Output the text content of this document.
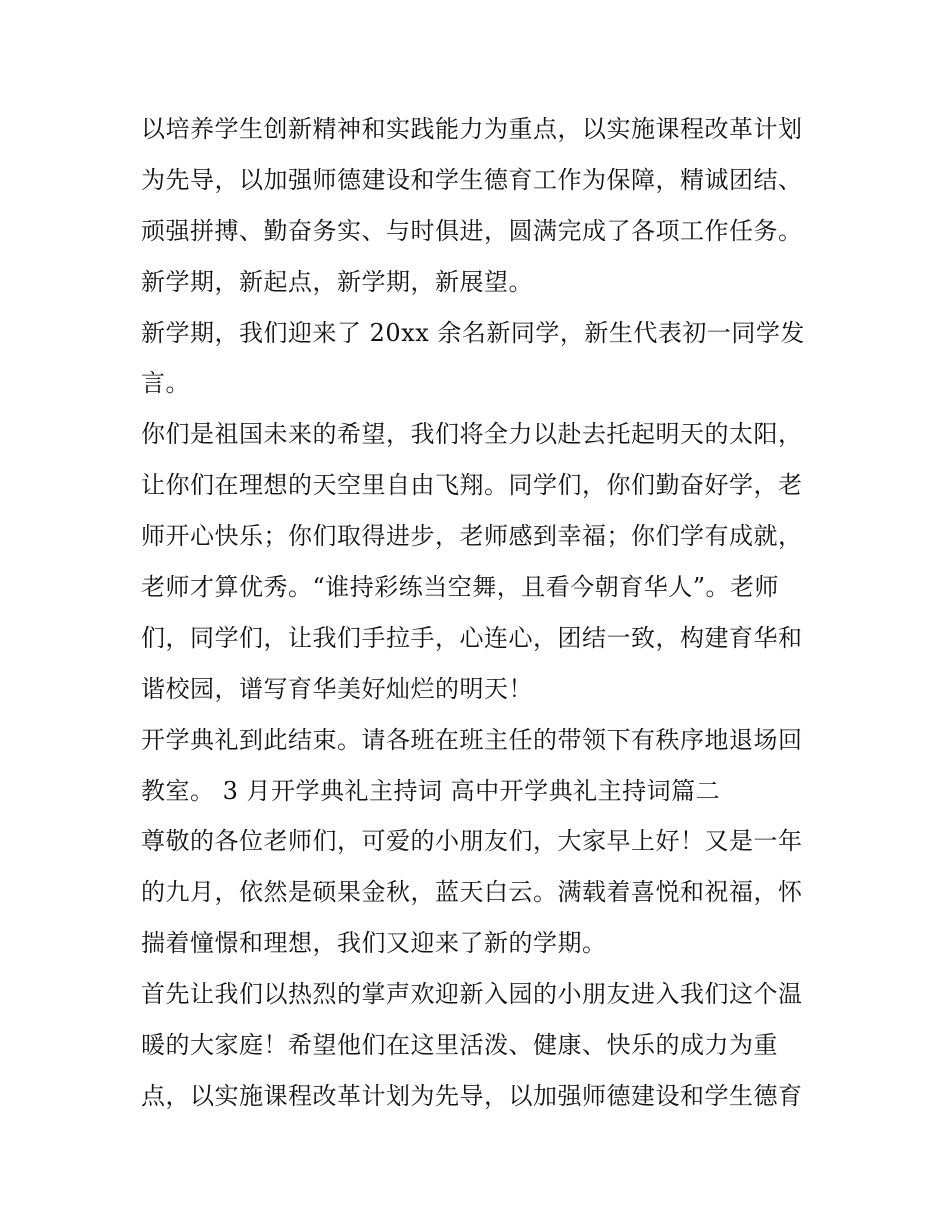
以培养学生创新精神和实践能力为重点，以实施课程改革计划
为先导，以加强师德建设和学生德育工作为保障，精诚团结、
顽强拼搏、勤奋务实、与时俱进，圆满完成了各项工作任务。
新学期，新起点，新学期，新展望。
新学期，我们迎来了 20xx 余名新同学，新生代表初一同学发
言。
你们是祖国未来的希望，我们将全力以赴去托起明天的太阳，
让你们在理想的天空里自由飞翔。同学们，你们勤奋好学，老
师开心快乐；你们取得进步，老师感到幸福；你们学有成就，
老师才算优秀。“谁持彩练当空舞，且看今朝育华人”。老师
们，同学们，让我们手拉手，心连心，团结一致，构建育华和
谐校园，谱写育华美好灿烂的明天！
开学典礼到此结束。请各班在班主任的带领下有秩序地退场回
教室。 3 月开学典礼主持词 高中开学典礼主持词篇二
尊敬的各位老师们，可爱的小朋友们，大家早上好！又是一年
的九月，依然是硕果金秋，蓝天白云。满载着喜悦和祝福，怀
揣着憧憬和理想，我们又迎来了新的学期。
首先让我们以热烈的掌声欢迎新入园的小朋友进入我们这个温
暖的大家庭！希望他们在这里活泼、健康、快乐的成力为重
点，以实施课程改革计划为先导，以加强师德建设和学生德育
